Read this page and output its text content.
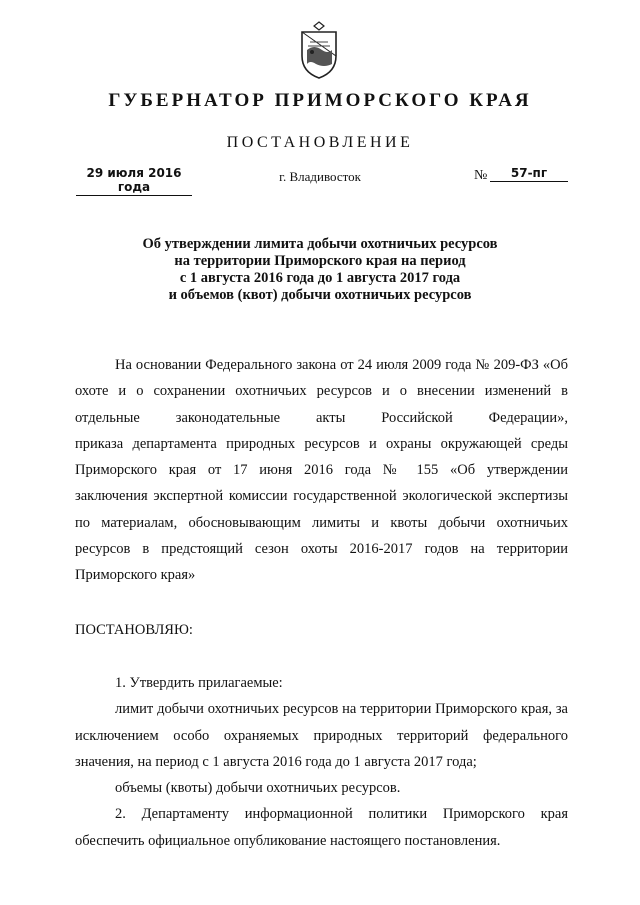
ГУБЕРНАТОР ПРИМОРСКОГО КРАЯ
ПОСТАНОВЛЕНИЕ
29 июля 2016 года
г. Владивосток	№	57-пг
Об утверждении лимита добычи охотничьих ресурсов
на территории Приморского края на период
с 1 августа 2016 года до 1 августа 2017 года
и объемов (квот) добычи охотничьих ресурсов
На основании Федерального закона от 24 июля 2009 года № 209-ФЗ «Об
охоте и о сохранении охотничьих ресурсов и о внесении изменений в
отдельные законодательные акты Российской Федерации»,
приказа департамента природных ресурсов и охраны окружающей среды
Приморского края от 17 июня 2016 года № 155 «Об утверждении
заключения экспертной комиссии государственной экологической экспертизы
по материалам, обосновывающим лимиты и квоты добычи охотничьих
ресурсов в предстоящий сезон охоты 2016-2017 годов на территории
Приморского края»
ПОСТАНОВЛЯЮ:
1. Утвердить прилагаемые:
лимит добычи охотничьих ресурсов на территории Приморского края, за
исключением особо охраняемых природных территорий федерального
значения, на период с 1 августа 2016 года до 1 августа 2017 года;
объемы (квоты) добычи охотничьих ресурсов.
2. Департаменту информационной политики Приморского края
обеспечить официальное опубликование настоящего постановления.
